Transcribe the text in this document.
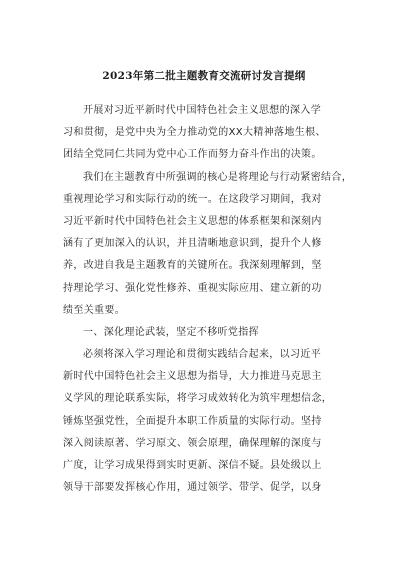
2023年第二批主题教育交流研讨发言提纲
开展对习近平新时代中国特色社会主义思想的深入学
习和贯彻，是党中央为全力推动党的XX大精神落地生根、
团结全党同仁共同为党中心工作而努力奋斗作出的决策。
我们在主题教育中所强调的核心是将理论与行动紧密结合，
重视理论学习和实际行动的统一。在这段学习期间，我对
习近平新时代中国特色社会主义思想的体系框架和深刻内
涵有了更加深入的认识，并且清晰地意识到，提升个人修
养，改进自我是主题教育的关键所在。我深刻理解到，坚
持理论学习、强化党性修养、重视实际应用、建立新的功
绩至关重要。
一、深化理论武装，坚定不移听党指挥
必须将深入学习理论和贯彻实践结合起来，以习近平
新时代中国特色社会主义思想为指导，大力推进马克思主
义学风的理论联系实际，将学习成效转化为筑牢理想信念，
锤炼坚强党性，全面提升本职工作质量的实际行动。坚持
深入阅读原著、学习原文、领会原理，确保理解的深度与
广度，让学习成果得到实时更新、深信不疑。县处级以上
领导干部要发挥核心作用，通过领学、带学、促学，以身
